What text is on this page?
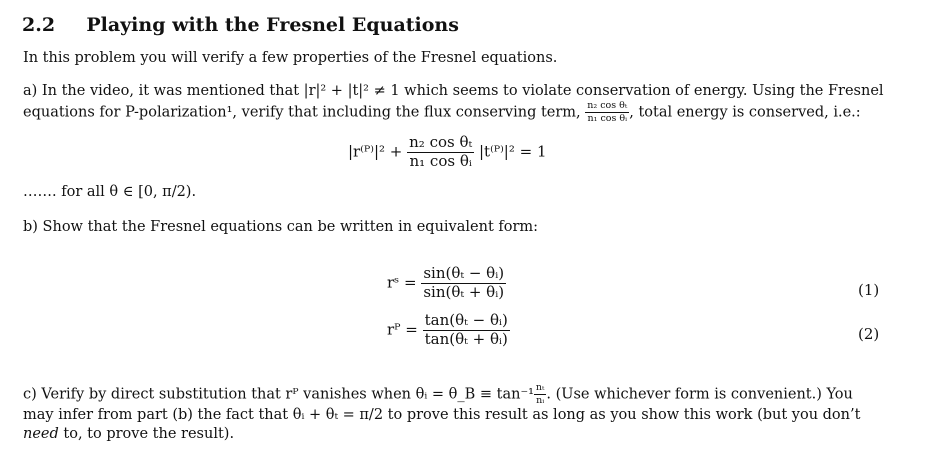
2.2 Playing with the Fresnel Equations
In this problem you will verify a few properties of the Fresnel equations.
a) In the video, it was mentioned that |r|² + |t|² ≠ 1 which seems to violate conservation of energy. Using the Fresnel
equations for P-polarization¹, verify that including the flux conserving term, $\frac{\text{n₂ cos θₜ}}{\text{n₁ cos θᵢ}}$ , total energy is conserved, i.e.:
|r⁽ᴾ⁾|² + $\frac{\text{n₂ cos θₜ}}{\text{n₁ cos θᵢ}}$ |t⁽ᴾ⁾|² = 1
……. for all θ ∈ [0, π/2).
b) Show that the Fresnel equations can be written in equivalent form:
rˢ = $\frac{\text{sin(θₜ − θᵢ)}}{\text{sin(θₜ + θᵢ)}}$	(1)
rᴾ = $\frac{\text{tan(θₜ − θᵢ)}}{\text{tan(θₜ + θᵢ)}}$	(2)
c) Verify by direct substitution that rᴾ vanishes when θᵢ = θ_B ≡ $\tan^{-1} \frac{\text{nₜ}}{\text{nᵢ}}$ . (Use whichever form is convenient.) You
may infer from part (b) the fact that θᵢ + θₜ = π/2 to prove this result as long as you show this work (but you don’t
need to, to prove the result).
